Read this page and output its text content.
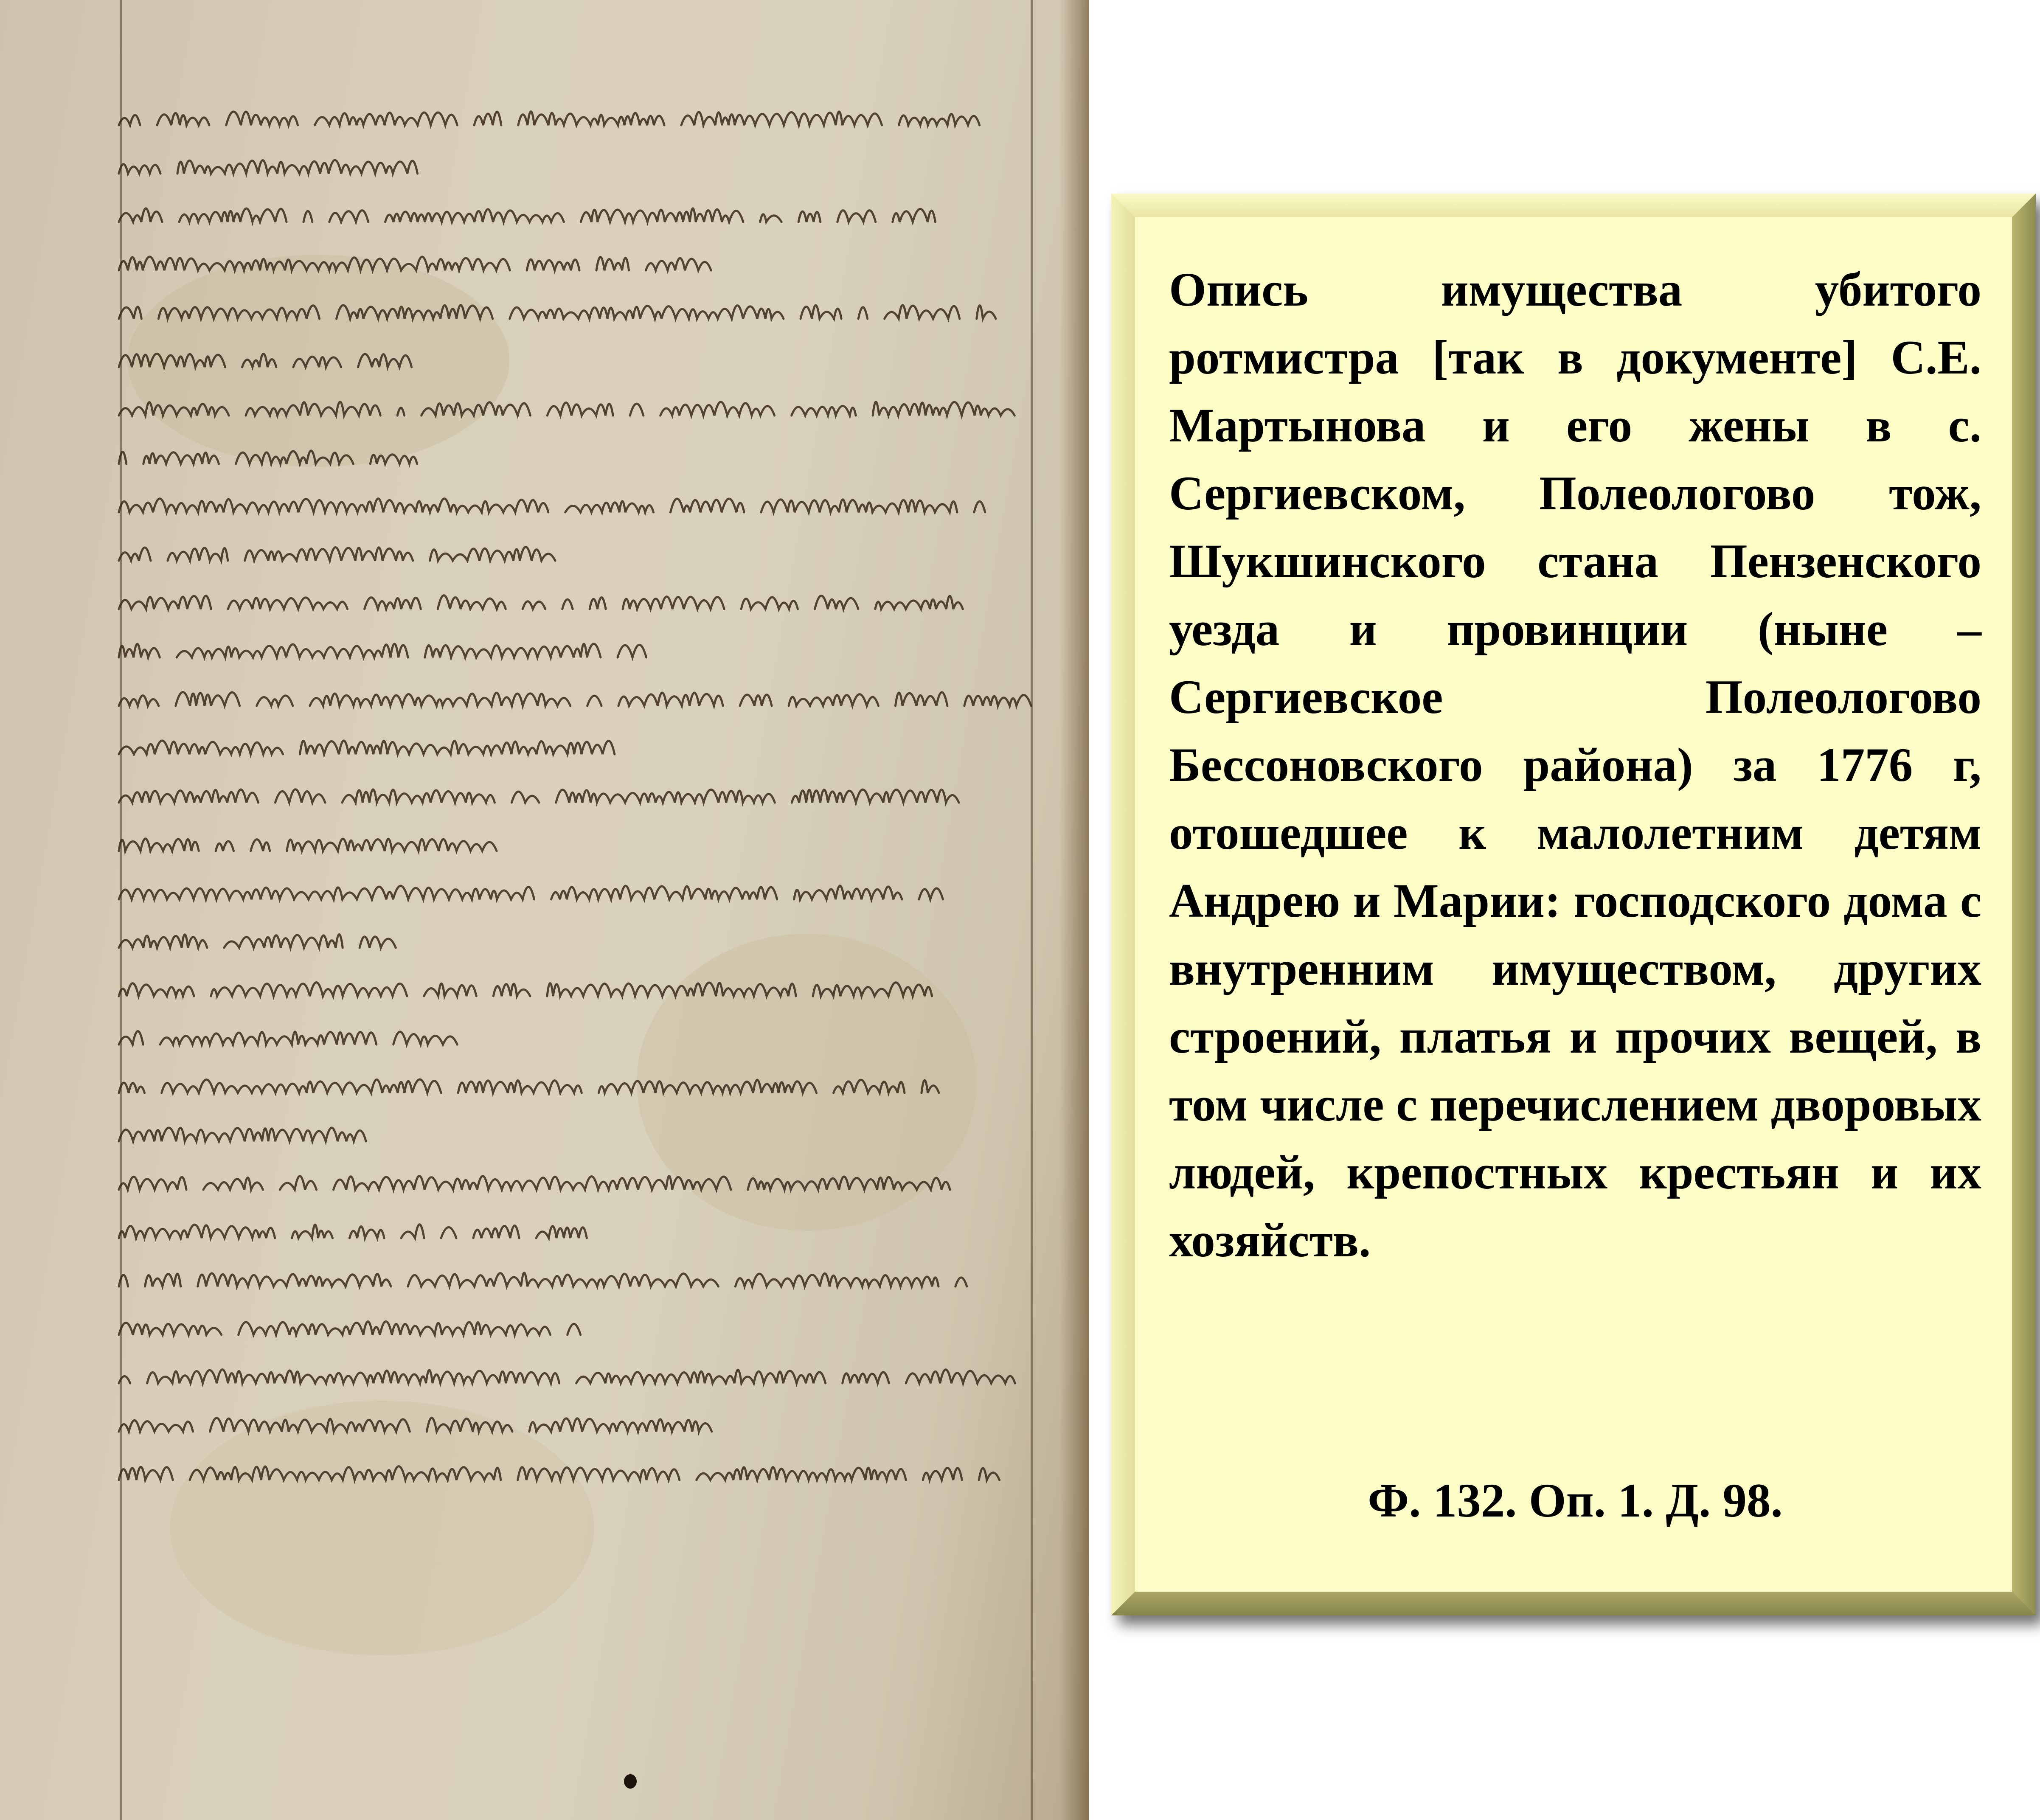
Опись имущества убитого ротмистра [так в документе] С.Е. Мартынова и его жены в с. Сергиевском, Полеологово тож, Шукшинского стана Пензенского уезда и провинции (ныне – Сергиевское Полеологово Бессоновского района) за 1776 г, отошедшее к малолетним детям Андрею и Марии: господского дома с внутренним имуществом, других строений, платья и прочих вещей, в том числе с перечислением дворовых людей, крепостных крестьян и их хозяйств.

Ф. 132. Оп. 1. Д. 98.
